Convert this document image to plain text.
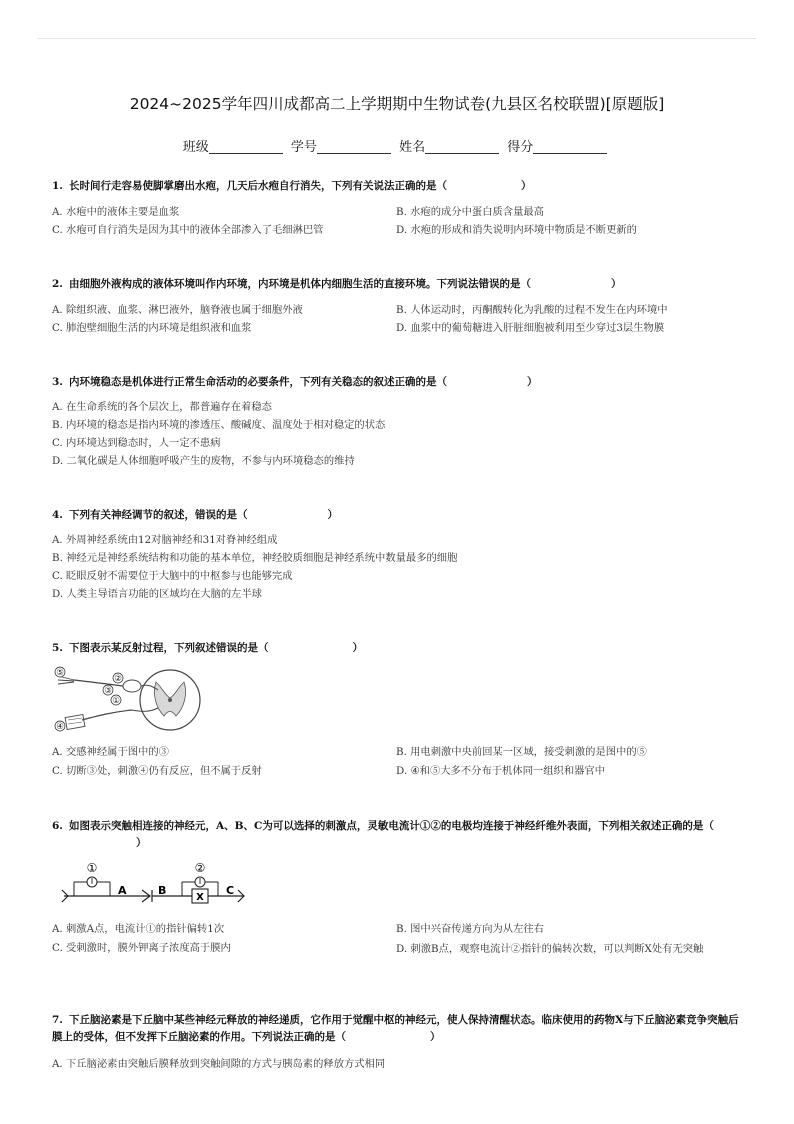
2024~2025学年四川成都高二上学期期中生物试卷(九县区名校联盟)[原题版]
班级	学号	姓名	得分
1. 长时间行走容易使脚掌磨出水疱，几天后水疱自行消失，下列有关说法正确的是（	）
A. 水疱中的液体主要是血浆	B. 水疱的成分中蛋白质含量最高
C. 水疱可自行消失是因为其中的液体全部渗入了毛细淋巴管	D. 水疱的形成和消失说明内环境中物质是不断更新的
2. 由细胞外液构成的液体环境叫作内环境，内环境是机体内细胞生活的直接环境。下列说法错误的是（	）
A. 除组织液、血浆、淋巴液外，脑脊液也属于细胞外液	B. 人体运动时，丙酮酸转化为乳酸的过程不发生在内环境中
C. 肺泡壁细胞生活的内环境是组织液和血浆	D. 血浆中的葡萄糖进入肝脏细胞被利用至少穿过3层生物膜
3. 内环境稳态是机体进行正常生命活动的必要条件，下列有关稳态的叙述正确的是（	）
A. 在生命系统的各个层次上，都普遍存在着稳态
B. 内环境的稳态是指内环境的渗透压、酸碱度、温度处于相对稳定的状态
C. 内环境达到稳态时，人一定不患病
D. 二氧化碳是人体细胞呼吸产生的废物，不参与内环境稳态的维持
4. 下列有关神经调节的叙述，错误的是（	）
A. 外周神经系统由12对脑神经和31对脊神经组成
B. 神经元是神经系统结构和功能的基本单位，神经胶质细胞是神经系统中数量最多的细胞
C. 眨眼反射不需要位于大脑中的中枢参与也能够完成
D. 人类主导语言功能的区域均在大脑的左半球
5. 下图表示某反射过程，下列叙述错误的是（	）
⑤
①
②
③
④
A. 交感神经属于图中的③	B. 用电刺激中央前回某一区域，接受刺激的是图中的⑤
C. 切断③处，刺激④仍有反应，但不属于反射	D. ④和⑤大多不分布于机体同一组织和器官中
6. 如图表示突触相连接的神经元，A、B、C为可以选择的刺激点，灵敏电流计①②的电极均连接于神经纤维外表面，下列相关叙述正确的是（）
①
A	B
②
X
C
A. 刺激A点，电流计①的指针偏转1次	B. 图中兴奋传递方向为从左往右
C. 受刺激时，膜外钾离子浓度高于膜内	D. 刺激B点，观察电流计②指针的偏转次数，可以判断X处有无突触
7. 下丘脑泌素是下丘脑中某些神经元释放的神经递质，它作用于觉醒中枢的神经元，使人保持清醒状态。临床使用的药物X与下丘脑泌素竞争突触后膜上的受体，但不发挥下丘脑泌素的作用。下列说法正确的是（	）
A. 下丘脑泌素由突触后膜释放到突触间隙的方式与胰岛素的释放方式相同
